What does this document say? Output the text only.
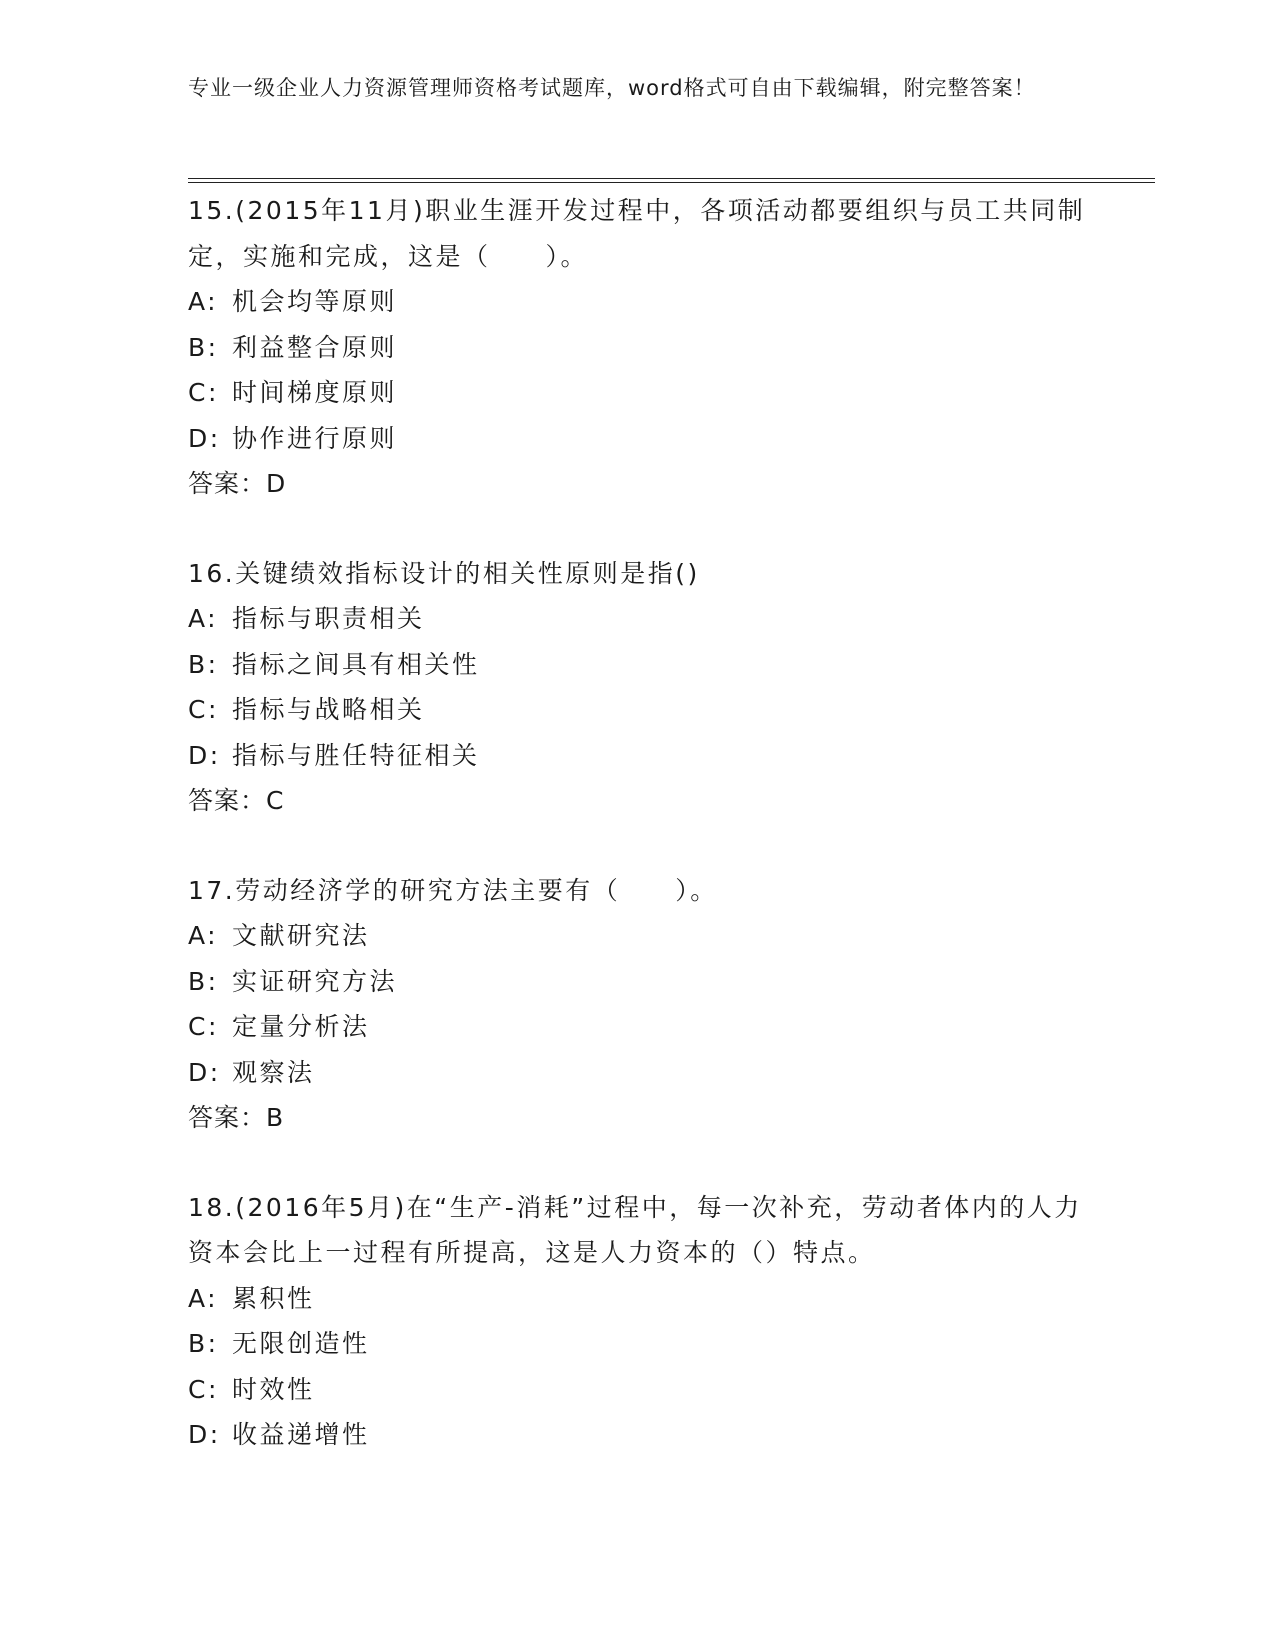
专业一级企业人力资源管理师资格考试题库，word格式可自由下载编辑，附完整答案！

15.(2015年11月)职业生涯开发过程中，各项活动都要组织与员工共同制定，实施和完成，这是（　　）。

A: 机会均等原则

B: 利益整合原则

C: 时间梯度原则

D: 协作进行原则

答案：D

16.关键绩效指标设计的相关性原则是指()

A: 指标与职责相关

B: 指标之间具有相关性

C: 指标与战略相关

D: 指标与胜任特征相关

答案：C

17.劳动经济学的研究方法主要有（　　）。

A: 文献研究法

B: 实证研究方法

C: 定量分析法

D: 观察法

答案：B

18.(2016年5月)在“生产-消耗”过程中，每一次补充，劳动者体内的人力资本会比上一过程有所提高，这是人力资本的（）特点。

A: 累积性

B: 无限创造性

C: 时效性

D: 收益递增性
